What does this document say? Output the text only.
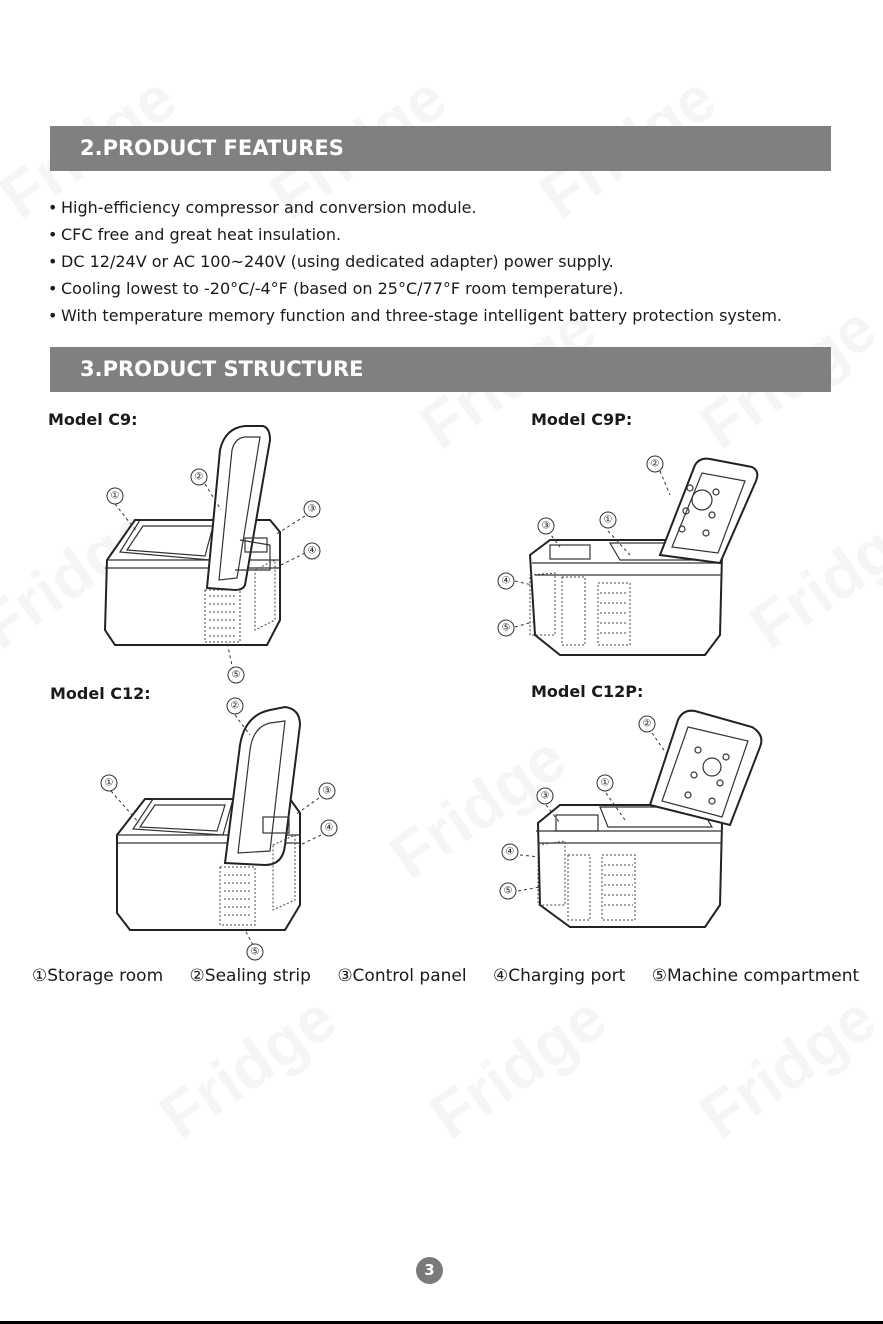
2.PRODUCT FEATURES
• High-efficiency compressor and conversion module.
• CFC free and great heat insulation.
• DC 12/24V or AC 100~240V (using dedicated adapter) power supply.
• Cooling lowest to -20°C/-4°F (based on 25°C/77°F room temperature).
• With temperature memory function and three-stage intelligent battery protection system.
3.PRODUCT STRUCTURE
Model C9:	Model C9P:
Model C12:	Model C12P:
①
②
③
④
⑤
①
②
③
④
⑤
①
②
③
④
⑤
①
②
③
④
⑤
①Storage room ②Sealing strip ③Control panel ④Charging port ⑤Machine compartment
3
